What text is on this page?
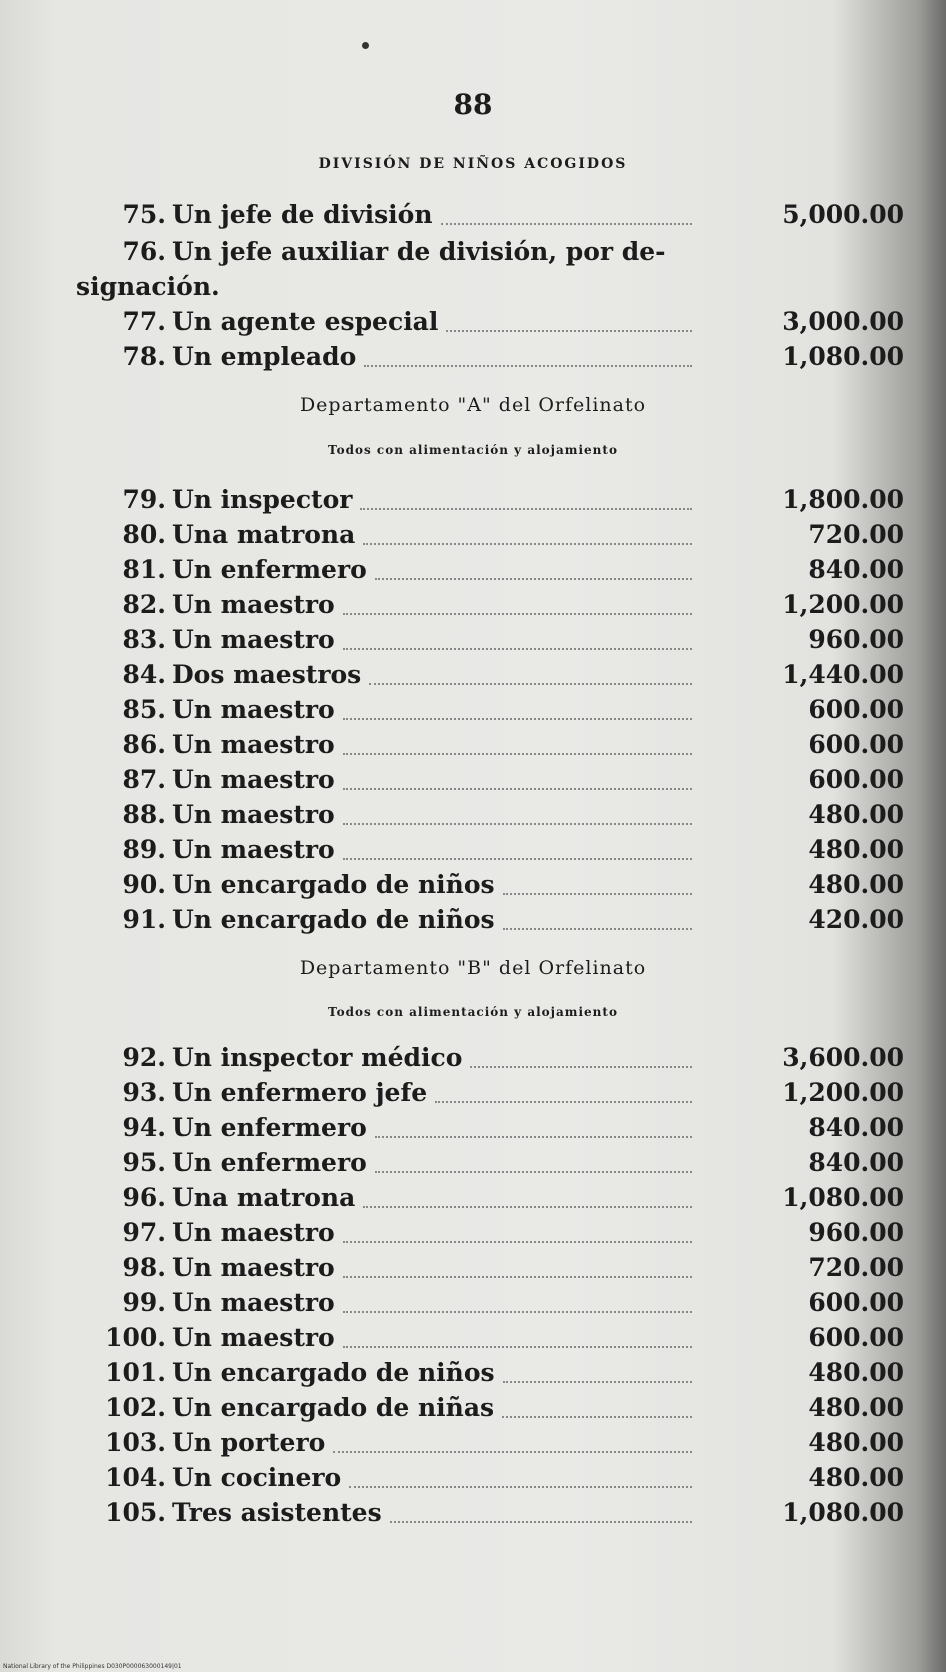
88
DIVISIÓN DE NIÑOS ACOGIDOS
75. Un jefe de división	5,000.00
76. Un jefe auxiliar de división, por de-
signación.
77. Un agente especial	3,000.00
78. Un empleado	1,080.00
Departamento "A" del Orfelinato
Todos con alimentación y alojamiento
79. Un inspector	1,800.00
80. Una matrona	720.00
81. Un enfermero	840.00
82. Un maestro	1,200.00
83. Un maestro	960.00
84. Dos maestros	1,440.00
85. Un maestro	600.00
86. Un maestro	600.00
87. Un maestro	600.00
88. Un maestro	480.00
89. Un maestro	480.00
90. Un encargado de niños	480.00
91. Un encargado de niños	420.00
Departamento "B" del Orfelinato
Todos con alimentación y alojamiento
92. Un inspector médico	3,600.00
93. Un enfermero jefe	1,200.00
94. Un enfermero	840.00
95. Un enfermero	840.00
96. Una matrona	1,080.00
97. Un maestro	960.00
98. Un maestro	720.00
99. Un maestro	600.00
100. Un maestro	600.00
101. Un encargado de niños	480.00
102. Un encargado de niñas	480.00
103. Un portero	480.00
104. Un cocinero	480.00
105. Tres asistentes	1,080.00
National Library of the Philippines D030P000063000149|01
